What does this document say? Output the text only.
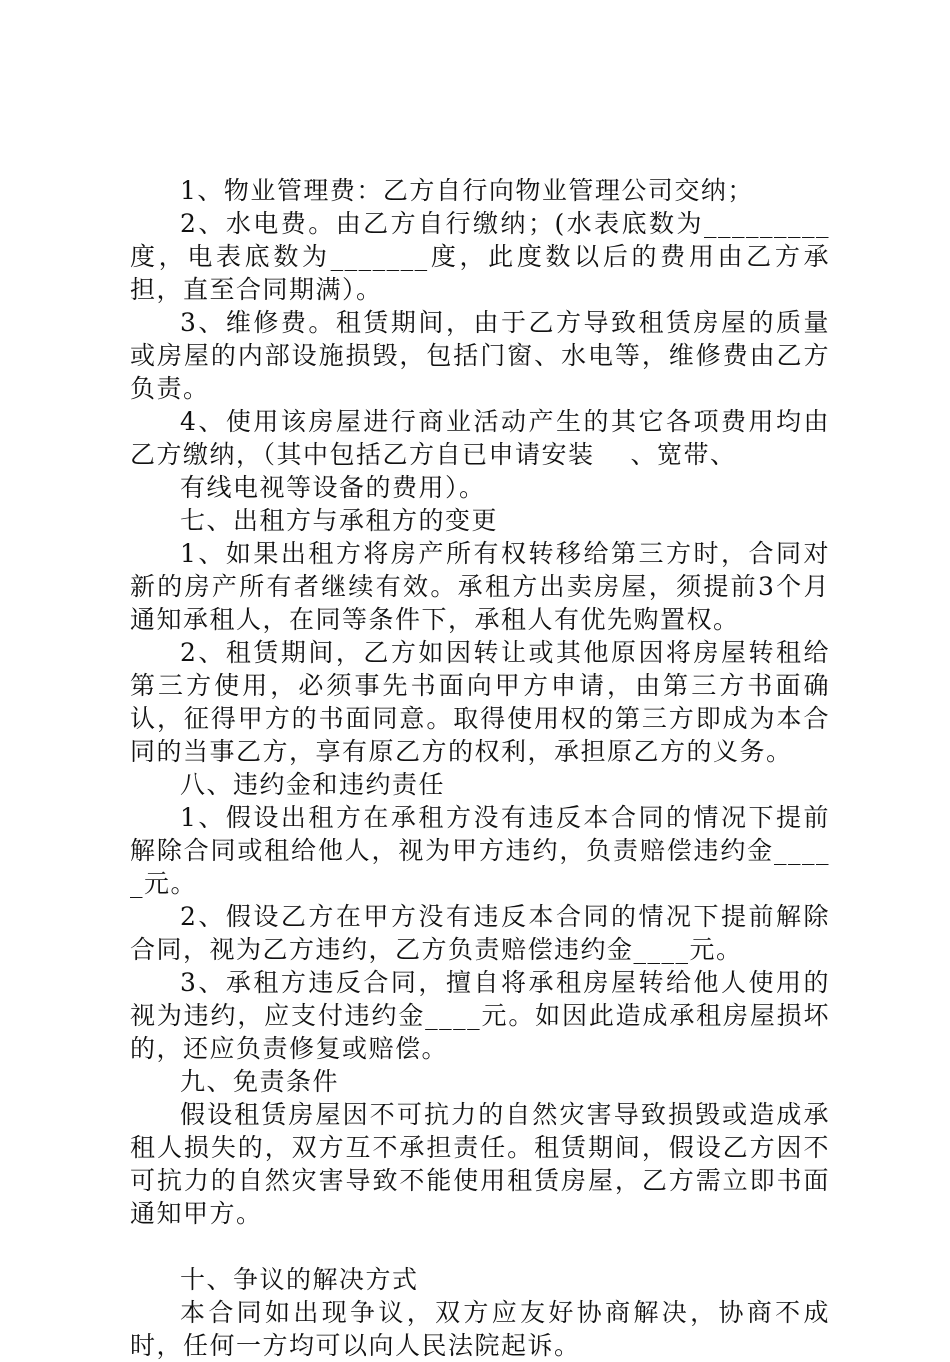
1、物业管理费：乙方自行向物业管理公司交纳；

2、水电费。由乙方自行缴纳；(水表底数为_________度，电表底数为_______度，此度数以后的费用由乙方承担，直至合同期满）。

3、维修费。租赁期间，由于乙方导致租赁房屋的质量或房屋的内部设施损毁，包括门窗、水电等，维修费由乙方负责。

4、使用该房屋进行商业活动产生的其它各项费用均由乙方缴纳，（其中包括乙方自已申请安装　 、宽带、

有线电视等设备的费用）。

七、出租方与承租方的变更

1、如果出租方将房产所有权转移给第三方时，合同对新的房产所有者继续有效。承租方出卖房屋，须提前3个月通知承租人，在同等条件下，承租人有优先购置权。

2、租赁期间，乙方如因转让或其他原因将房屋转租给第三方使用，必须事先书面向甲方申请，由第三方书面确认，征得甲方的书面同意。取得使用权的第三方即成为本合同的当事乙方，享有原乙方的权利，承担原乙方的义务。

八、违约金和违约责任

1、假设出租方在承租方没有违反本合同的情况下提前解除合同或租给他人，视为甲方违约，负责赔偿违约金_____元。

2、假设乙方在甲方没有违反本合同的情况下提前解除合同，视为乙方违约，乙方负责赔偿违约金____元。

3、承租方违反合同，擅自将承租房屋转给他人使用的视为违约，应支付违约金____元。如因此造成承租房屋损坏的，还应负责修复或赔偿。

九、免责条件

假设租赁房屋因不可抗力的自然灾害导致损毁或造成承租人损失的，双方互不承担责任。租赁期间，假设乙方因不可抗力的自然灾害导致不能使用租赁房屋，乙方需立即书面通知甲方。

十、争议的解决方式

本合同如出现争议，双方应友好协商解决，协商不成时，任何一方均可以向人民法院起诉。
